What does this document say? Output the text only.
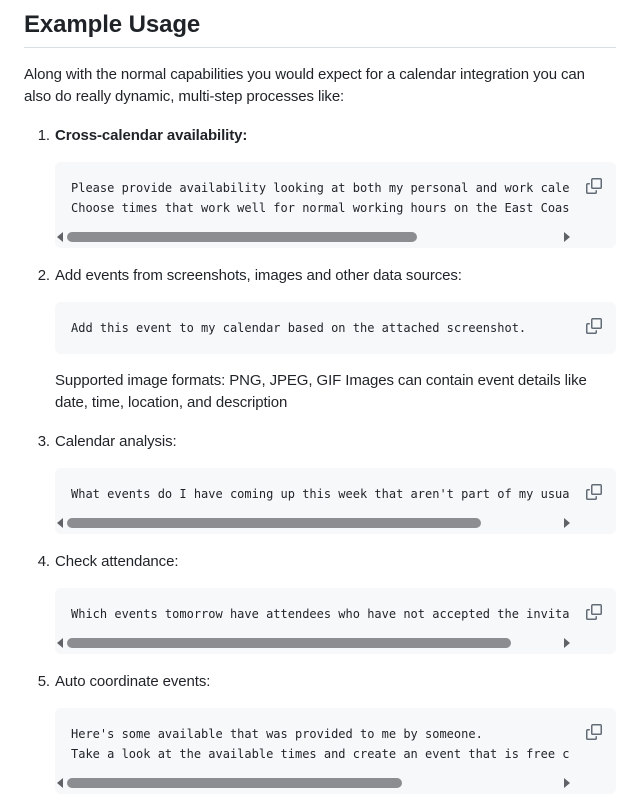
Example Usage

Along with the normal capabilities you would expect for a calendar integration you can also do really dynamic, multi-step processes like:

1. Cross-calendar availability:
Please provide availability looking at both my personal and work cale
Choose times that work well for normal working hours on the East Coas
2. Add events from screenshots, images and other data sources:
Add this event to my calendar based on the attached screenshot.

Supported image formats: PNG, JPEG, GIF Images can contain event details like date, time, location, and description

3. Calendar analysis:
What events do I have coming up this week that aren't part of my usua
4. Check attendance:
Which events tomorrow have attendees who have not accepted the invita
5. Auto coordinate events:
Here's some available that was provided to me by someone.
Take a look at the available times and create an event that is free c
